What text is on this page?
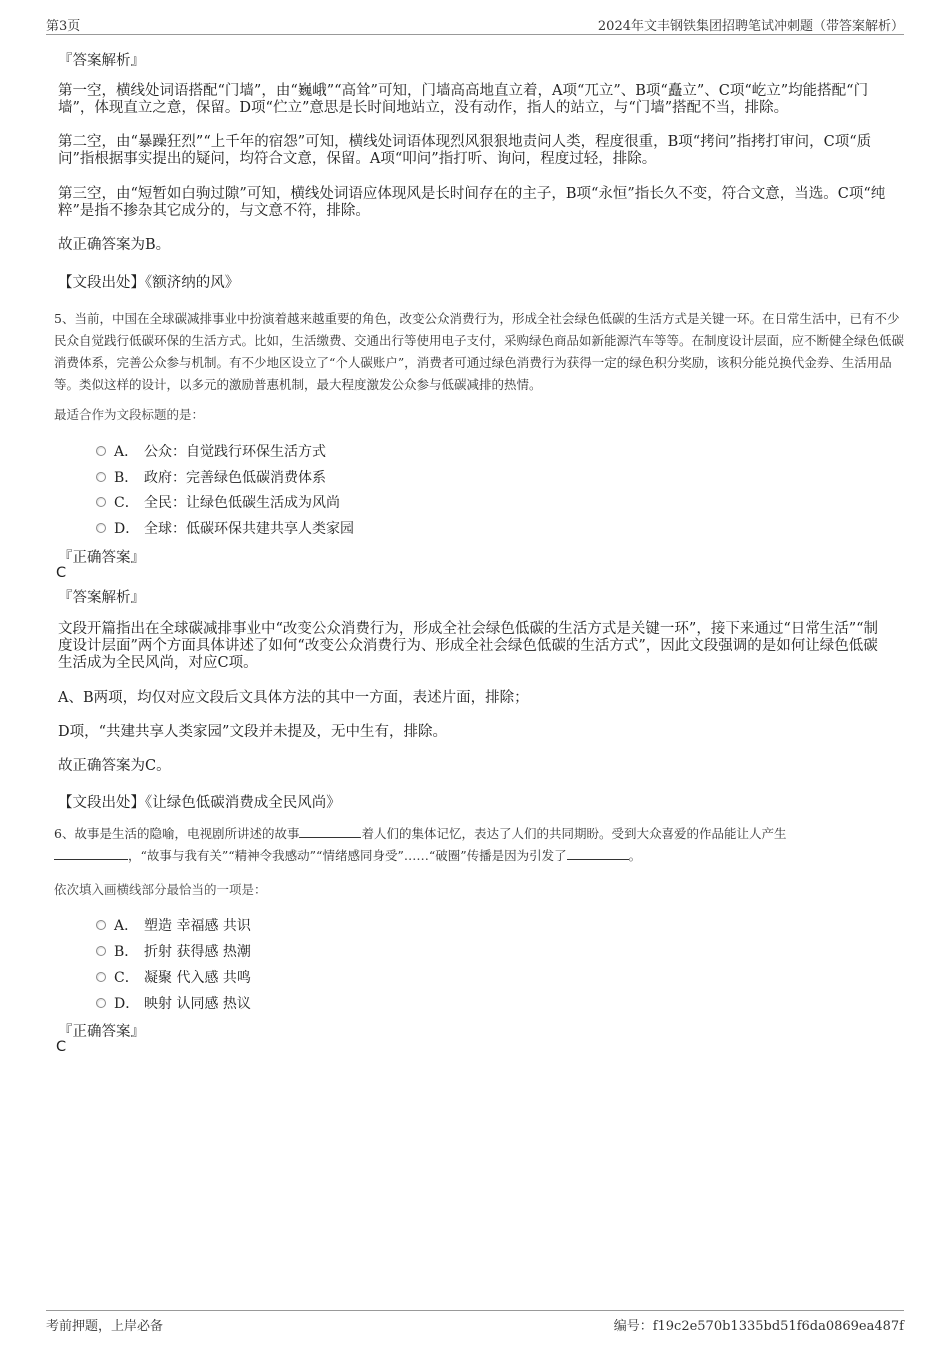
第3页	2024年文丰钢铁集团招聘笔试冲刺题（带答案解析）
『答案解析』
第一空，横线处词语搭配“门墙”，由“巍峨”“高耸”可知，门墙高高地直立着，A项“兀立”、B项“矗立”、C项“屹立”均能搭配“门墙”，体现直立之意，保留。D项“伫立”意思是长时间地站立，没有动作，指人的站立，与“门墙”搭配不当，排除。
第二空，由“暴躁狂烈”“上千年的宿怨”可知，横线处词语体现烈风狠狠地责问人类，程度很重，B项“拷问”指拷打审问，C项“质问”指根据事实提出的疑问，均符合文意，保留。A项“叩问”指打听、询问，程度过轻，排除。
第三空，由“短暂如白驹过隙”可知，横线处词语应体现风是长时间存在的主子，B项“永恒”指长久不变，符合文意，当选。C项“纯粹”是指不掺杂其它成分的，与文意不符，排除。
故正确答案为B。
【文段出处】《额济纳的风》
5、当前，中国在全球碳减排事业中扮演着越来越重要的角色，改变公众消费行为，形成全社会绿色低碳的生活方式是关键一环。在日常生活中，已有不少民众自觉践行低碳环保的生活方式。比如，生活缴费、交通出行等使用电子支付，采购绿色商品如新能源汽车等等。在制度设计层面，应不断健全绿色低碳消费体系，完善公众参与机制。有不少地区设立了“个人碳账户”，消费者可通过绿色消费行为获得一定的绿色积分奖励，该积分能兑换代金券、生活用品等。类似这样的设计，以多元的激励普惠机制，最大程度激发公众参与低碳减排的热情。
最适合作为文段标题的是：
A． 公众：自觉践行环保生活方式
B． 政府：完善绿色低碳消费体系
C． 全民：让绿色低碳生活成为风尚
D． 全球：低碳环保共建共享人类家园
『正确答案』
C
『答案解析』
文段开篇指出在全球碳减排事业中“改变公众消费行为，形成全社会绿色低碳的生活方式是关键一环”，接下来通过“日常生活”“制度设计层面”两个方面具体讲述了如何“改变公众消费行为、形成全社会绿色低碳的生活方式”，因此文段强调的是如何让绿色低碳生活成为全民风尚，对应C项。
A、B两项，均仅对应文段后文具体方法的其中一方面，表述片面，排除；
D项，“共建共享人类家园”文段并未提及，无中生有，排除。
故正确答案为C。
【文段出处】《让绿色低碳消费成全民风尚》
6、故事是生活的隐喻，电视剧所讲述的故事	着人们的集体记忆，表达了人们的共同期盼。受到大众喜爱的作品能让人产生
，“故事与我有关”“精神令我感动”“情绪感同身受”……“破圈”传播是因为引发了	。
依次填入画横线部分最恰当的一项是：
A． 塑造 幸福感 共识
B． 折射 获得感 热潮
C． 凝聚 代入感 共鸣
D． 映射 认同感 热议
『正确答案』
C
考前押题，上岸必备	编号：f19c2e570b1335bd51f6da0869ea487f
